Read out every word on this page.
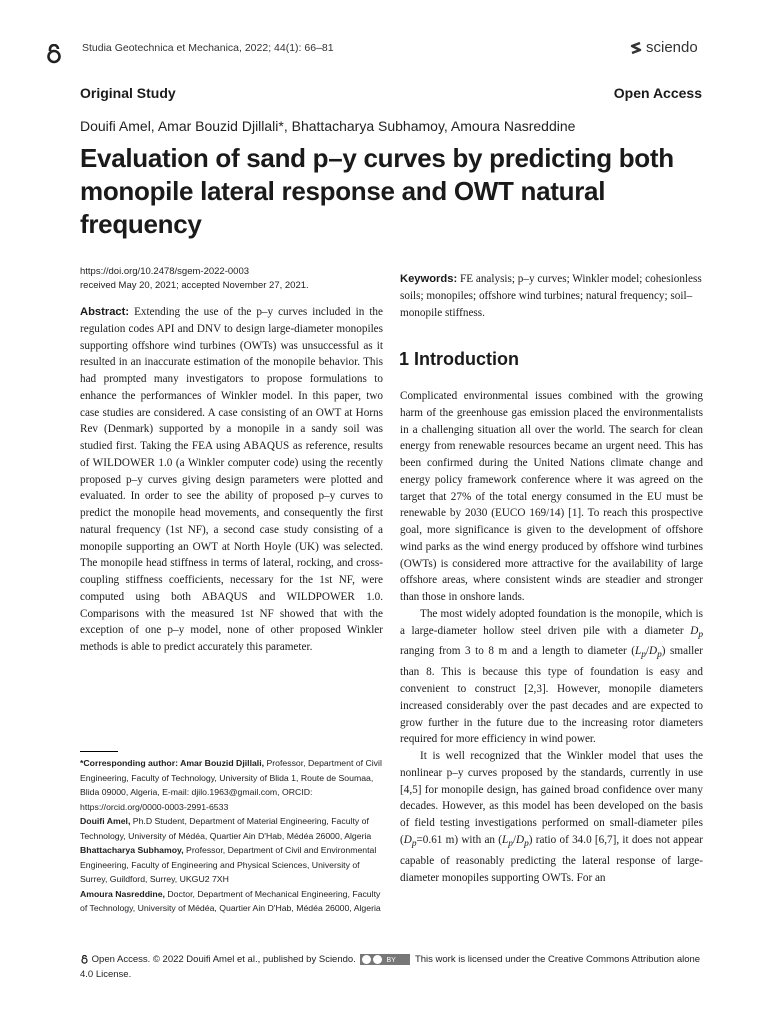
Studia Geotechnica et Mechanica, 2022; 44(1): 66–81	sciendo
Original Study	Open Access
Douifi Amel, Amar Bouzid Djillali*, Bhattacharya Subhamoy, Amoura Nasreddine
Evaluation of sand p–y curves by predicting both monopile lateral response and OWT natural frequency
https://doi.org/10.2478/sgem-2022-0003
received May 20, 2021; accepted November 27, 2021.
Abstract: Extending the use of the p–y curves included in the regulation codes API and DNV to design large-diameter monopiles supporting offshore wind turbines (OWTs) was unsuccessful as it resulted in an inaccurate estimation of the monopile behavior. This had prompted many investigators to propose formulations to enhance the performances of Winkler model. In this paper, two case studies are considered. A case consisting of an OWT at Horns Rev (Denmark) supported by a monopile in a sandy soil was studied first. Taking the FEA using ABAQUS as reference, results of WILDOWER 1.0 (a Winkler computer code) using the recently proposed p–y curves giving design parameters were plotted and evaluated. In order to see the ability of proposed p–y curves to predict the monopile head movements, and consequently the first natural frequency (1st NF), a second case study consisting of a monopile supporting an OWT at North Hoyle (UK) was selected. The monopile head stiffness in terms of lateral, rocking, and cross-coupling stiffness coefficients, necessary for the 1st NF, were computed using both ABAQUS and WILDPOWER 1.0. Comparisons with the measured 1st NF showed that with the exception of one p–y model, none of other proposed Winkler methods is able to predict accurately this parameter.
Keywords: FE analysis; p–y curves; Winkler model; cohesionless soils; monopiles; offshore wind turbines; natural frequency; soil–monopile stiffness.
1 Introduction

Complicated environmental issues combined with the growing harm of the greenhouse gas emission placed the environmentalists in a challenging situation all over the world. The search for clean energy from renewable resources became an urgent need. This has been confirmed during the United Nations climate change and energy policy framework conference where it was agreed on the target that 27% of the total energy consumed in the EU must be renewable by 2030 (EUCO 169/14) [1]. To reach this prospective goal, more significance is given to the development of offshore wind parks as the wind energy produced by offshore wind turbines (OWTs) is considered more attractive for the availability of large offshore areas, where consistent winds are steadier and stronger than those in onshore lands.

The most widely adopted foundation is the monopile, which is a large-diameter hollow steel driven pile with a diameter $D_p$ ranging from 3 to 8 m and a length to diameter $(L_p/D_p)$ smaller than 8. This is because this type of foundation is easy and convenient to construct [2,3]. However, monopile diameters increased considerably over the past decades and are expected to grow further in the future due to the increasing rotor diameters required for more efficiency in wind power.

It is well recognized that the Winkler model that uses the nonlinear p–y curves proposed by the standards, currently in use [4,5] for monopile design, has gained broad confidence over many decades. However, as this model has been developed on the basis of field testing investigations performed on small-diameter piles ($D_p=0.61$ m) with an $(L_p/D_p)$ ratio of 34.0 [6,7], it does not appear capable of reasonably predicting the lateral response of large-diameter monopiles supporting OWTs. For an

*Corresponding author: Amar Bouzid Djillali, Professor, Department of Civil Engineering, Faculty of Technology, University of Blida 1, Route de Soumaa, Blida 09000, Algeria, E-mail: djilo.1963@gmail.com, ORCID: https://orcid.org/0000-0003-2991-6533

Douifi Amel, Ph.D Student, Department of Material Engineering, Faculty of Technology, University of Médéa, Quartier Ain D'Hab, Médéa 26000, Algeria

Bhattacharya Subhamoy, Professor, Department of Civil and Environmental Engineering, Faculty of Engineering and Physical Sciences, University of Surrey, Guildford, Surrey, UKGU2 7XH

Amoura Nasreddine, Doctor, Department of Mechanical Engineering, Faculty of Technology, University of Médéa, Quartier Ain D'Hab, Médéa 26000, Algeria

Open Access. © 2022 Douifi Amel et al., published by Sciendo.	BY This work is licensed under the Creative Commons Attribution alone 4.0 License.
